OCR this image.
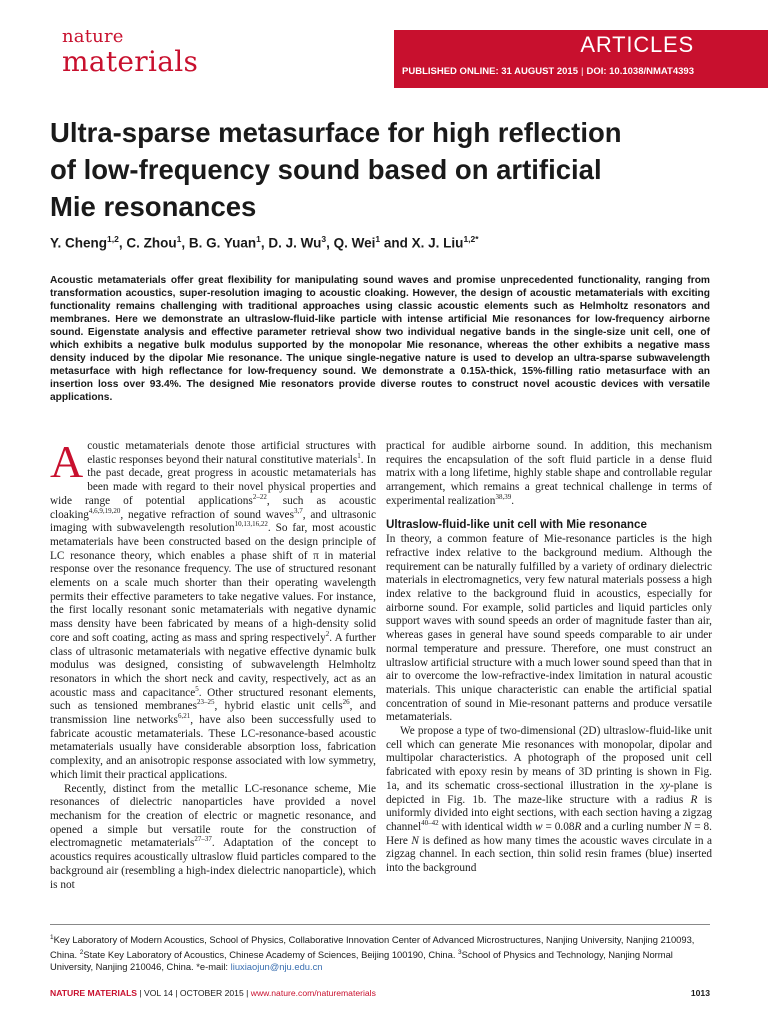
nature
materials
ARTICLES
PUBLISHED ONLINE: 31 AUGUST 2015 | DOI: 10.1038/NMAT4393
Ultra-sparse metasurface for high reflection
of low-frequency sound based on artificial
Mie resonances
Y. Cheng$^{1,2}$, C. Zhou$^1$, B. G. Yuan$^1$, D. J. Wu$^3$, Q. Wei$^1$ and X. J. Liu$^{1,2*}$
Acoustic metamaterials offer great flexibility for manipulating sound waves and promise unprecedented functionality, ranging from transformation acoustics, super-resolution imaging to acoustic cloaking. However, the design of acoustic metamaterials with exciting functionality remains challenging with traditional approaches using classic acoustic elements such as Helmholtz resonators and membranes. Here we demonstrate an ultraslow-fluid-like particle with intense artificial Mie resonances for low-frequency airborne sound. Eigenstate analysis and effective parameter retrieval show two individual negative bands in the single-size unit cell, one of which exhibits a negative bulk modulus supported by the monopolar Mie resonance, whereas the other exhibits a negative mass density induced by the dipolar Mie resonance. The unique single-negative nature is used to develop an ultra-sparse subwavelength metasurface with high reflectance for low-frequency sound. We demonstrate a 0.15λ-thick, 15%-filling ratio metasurface with an insertion loss over 93.4%. The designed Mie resonators provide diverse routes to construct novel acoustic devices with versatile applications.

Acoustic metamaterials denote those artificial structures with elastic responses beyond their natural constitutive materials$^1$. In the past decade, great progress in acoustic metamaterials has been made with regard to their novel physical properties and wide range of potential applications$^{2-22}$, such as acoustic cloaking$^{4,6,9,19,20}$, negative refraction of sound waves$^{3,7}$, and ultrasonic imaging with subwavelength resolution$^{10,13,16,22}$. So far, most acoustic metamaterials have been constructed based on the design principle of LC resonance theory, which enables a phase shift of π in material response over the resonance frequency. The use of structured resonant elements on a scale much shorter than their operating wavelength permits their effective parameters to take negative values. For instance, the first locally resonant sonic metamaterials with negative dynamic mass density have been fabricated by means of a high-density solid core and soft coating, acting as mass and spring respectively$^2$. A further class of ultrasonic metamaterials with negative effective dynamic bulk modulus was designed, consisting of subwavelength Helmholtz resonators in which the short neck and cavity, respectively, act as an acoustic mass and capacitance$^5$. Other structured resonant elements, such as tensioned membranes$^{23-25}$, hybrid elastic unit cells$^{26}$, and transmission line networks$^{6,21}$, have also been successfully used to fabricate acoustic metamaterials. These LC-resonance-based acoustic metamaterials usually have considerable absorption loss, fabrication complexity, and an anisotropic response associated with low symmetry, which limit their practical applications.

Recently, distinct from the metallic LC-resonance scheme, Mie resonances of dielectric nanoparticles have provided a novel mechanism for the creation of electric or magnetic resonance, and opened a simple but versatile route for the construction of electromagnetic metamaterials$^{27-37}$. Adaptation of the concept to acoustics requires acoustically ultraslow fluid particles compared to the background air (resembling a high-index dielectric nanoparticle), which is not

practical for audible airborne sound. In addition, this mechanism requires the encapsulation of the soft fluid particle in a dense fluid matrix with a long lifetime, highly stable shape and controllable regular arrangement, which remains a great technical challenge in terms of experimental realization$^{38,39}$.

Ultraslow-fluid-like unit cell with Mie resonance

In theory, a common feature of Mie-resonance particles is the high refractive index relative to the background medium. Although the requirement can be naturally fulfilled by a variety of ordinary dielectric materials in electromagnetics, very few natural materials possess a high index relative to the background fluid in acoustics, especially for airborne sound. For example, solid particles and liquid particles only support waves with sound speeds an order of magnitude faster than air, whereas gases in general have sound speeds comparable to air under normal temperature and pressure. Therefore, one must construct an ultraslow artificial structure with a much lower sound speed than that in air to overcome the low-refractive-index limitation in natural acoustic materials. This unique characteristic can enable the artificial spatial concentration of sound in Mie-resonant patterns and produce versatile metamaterials.

We propose a type of two-dimensional (2D) ultraslow-fluid-like unit cell which can generate Mie resonances with monopolar, dipolar and multipolar characteristics. A photograph of the proposed unit cell fabricated with epoxy resin by means of 3D printing is shown in Fig. 1a, and its schematic cross-sectional illustration in the xy-plane is depicted in Fig. 1b. The maze-like structure with a radius R is uniformly divided into eight sections, with each section having a zigzag channel$^{40-42}$ with identical width w = 0.08R and a curling number N = 8. Here N is defined as how many times the acoustic waves circulate in a zigzag channel. In each section, thin solid resin frames (blue) inserted into the background

$^1$Key Laboratory of Modern Acoustics, School of Physics, Collaborative Innovation Center of Advanced Microstructures, Nanjing University, Nanjing 210093, China. $^2$State Key Laboratory of Acoustics, Chinese Academy of Sciences, Beijing 100190, China. $^3$School of Physics and Technology, Nanjing Normal University, Nanjing 210046, China. *e-mail: liuxiaojun@nju.edu.cn
NATURE MATERIALS | VOL 14 | OCTOBER 2015 | www.nature.com/naturematerials	1013
